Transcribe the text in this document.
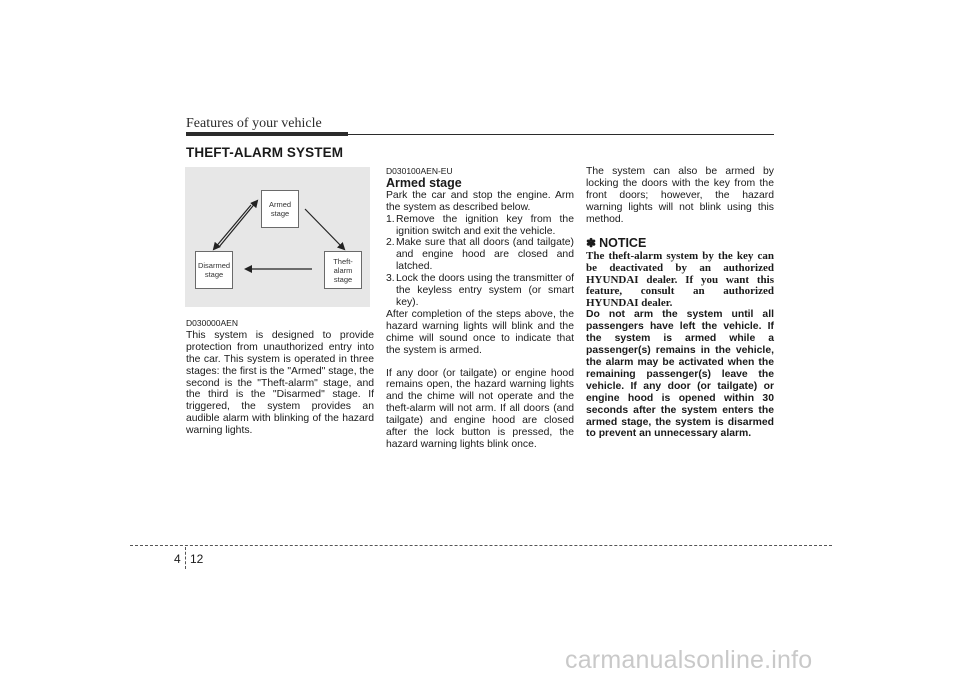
Features of your vehicle
THEFT-ALARM SYSTEM
Armed
stage
Disarmed
stage
Theft-alarm
stage

D030000AEN

This system is designed to provide protection from unauthorized entry into the car. This system is operated in three stages: the first is the "Armed" stage, the second is the "Theft-alarm" stage, and the third is the "Disarmed" stage. If triggered, the system provides an audible alarm with blinking of the hazard warning lights.

D030100AEN-EU

Armed stage

Park the car and stop the engine. Arm the system as described below.

1. Remove the ignition key from the ignition switch and exit the vehicle.
2. Make sure that all doors (and tailgate) and engine hood are closed and latched.
3. Lock the doors using the transmitter of the keyless entry system (or smart key).

After completion of the steps above, the hazard warning lights will blink and the chime will sound once to indicate that the system is armed.

If any door (or tailgate) or engine hood remains open, the hazard warning lights and the chime will not operate and the theft-alarm will not arm. If all doors (and tailgate) and engine hood are closed after the lock button is pressed, the hazard warning lights blink once.

The system can also be armed by locking the doors with the key from the front doors; however, the hazard warning lights will not blink using this method.

✽ NOTICE

The theft-alarm system by the key can be deactivated by an authorized HYUNDAI dealer. If you want this feature, consult an authorized HYUNDAI dealer.

Do not arm the system until all passengers have left the vehicle. If the system is armed while a passenger(s) remains in the vehicle, the alarm may be activated when the remaining passenger(s) leave the vehicle. If any door (or tailgate) or engine hood is opened within 30 seconds after the system enters the armed stage, the system is disarmed to prevent an unnecessary alarm.

4 12
carmanualsonline.info
